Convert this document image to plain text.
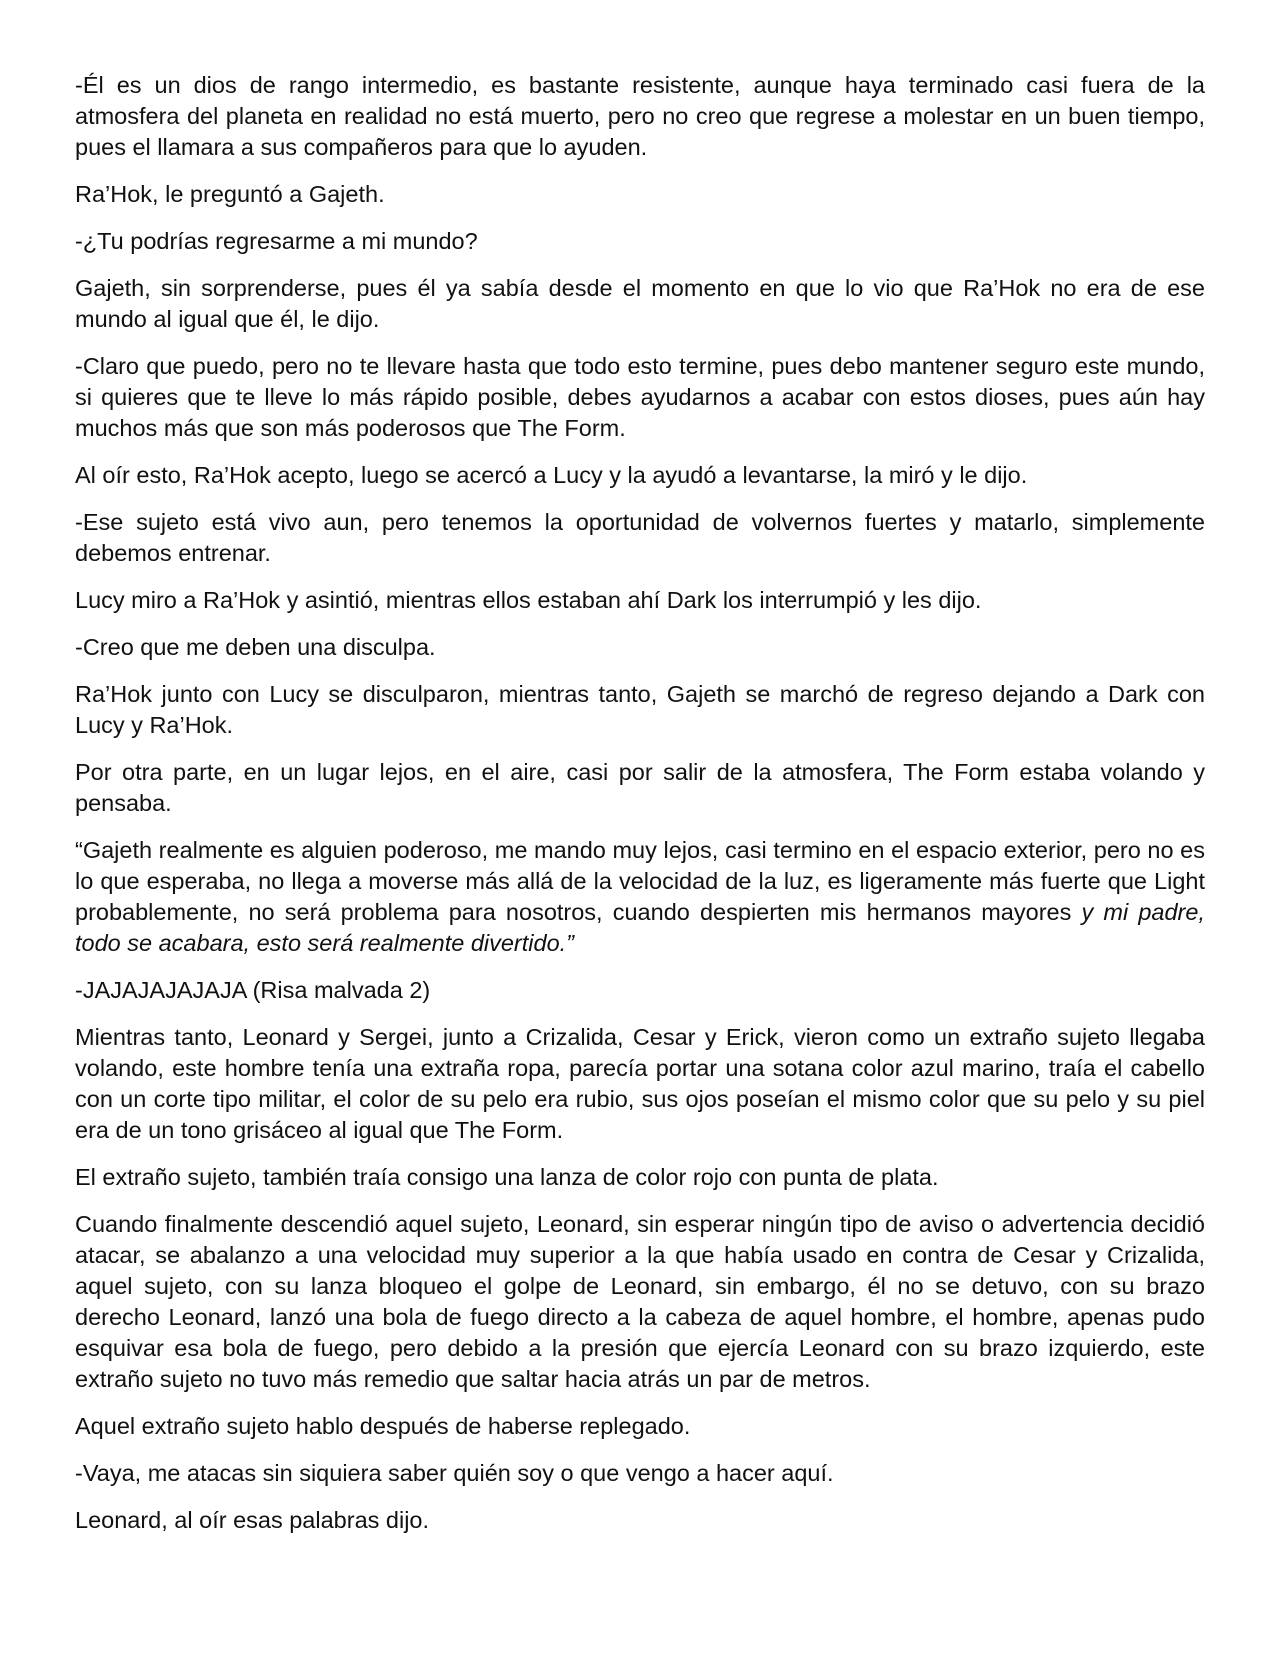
-Él es un dios de rango intermedio, es bastante resistente, aunque haya terminado casi fuera de la atmosfera del planeta en realidad no está muerto, pero no creo que regrese a molestar en un buen tiempo, pues el llamara a sus compañeros para que lo ayuden.

Ra’Hok, le preguntó a Gajeth.

-¿Tu podrías regresarme a mi mundo?

Gajeth, sin sorprenderse, pues él ya sabía desde el momento en que lo vio que Ra’Hok no era de ese mundo al igual que él, le dijo.

-Claro que puedo, pero no te llevare hasta que todo esto termine, pues debo mantener seguro este mundo, si quieres que te lleve lo más rápido posible, debes ayudarnos a acabar con estos dioses, pues aún hay muchos más que son más poderosos que The Form.

Al oír esto, Ra’Hok acepto, luego se acercó a Lucy y la ayudó a levantarse, la miró y le dijo.

-Ese sujeto está vivo aun, pero tenemos la oportunidad de volvernos fuertes y matarlo, simplemente debemos entrenar.

Lucy miro a Ra’Hok y asintió, mientras ellos estaban ahí Dark los interrumpió y les dijo.

-Creo que me deben una disculpa.

Ra’Hok junto con Lucy se disculparon, mientras tanto, Gajeth se marchó de regreso dejando a Dark con Lucy y Ra’Hok.

Por otra parte, en un lugar lejos, en el aire, casi por salir de la atmosfera, The Form estaba volando y pensaba.

“Gajeth realmente es alguien poderoso, me mando muy lejos, casi termino en el espacio exterior, pero no es lo que esperaba, no llega a moverse más allá de la velocidad de la luz, es ligeramente más fuerte que Light probablemente, no será problema para nosotros, cuando despierten mis hermanos mayores y mi padre, todo se acabara, esto será realmente divertido.”

-JAJAJAJAJAJA (Risa malvada 2)

Mientras tanto, Leonard y Sergei, junto a Crizalida, Cesar y Erick, vieron como un extraño sujeto llegaba volando, este hombre tenía una extraña ropa, parecía portar una sotana color azul marino, traía el cabello con un corte tipo militar, el color de su pelo era rubio, sus ojos poseían el mismo color que su pelo y su piel era de un tono grisáceo al igual que The Form.

El extraño sujeto, también traía consigo una lanza de color rojo con punta de plata.

Cuando finalmente descendió aquel sujeto, Leonard, sin esperar ningún tipo de aviso o advertencia decidió atacar, se abalanzo a una velocidad muy superior a la que había usado en contra de Cesar y Crizalida, aquel sujeto, con su lanza bloqueo el golpe de Leonard, sin embargo, él no se detuvo, con su brazo derecho Leonard, lanzó una bola de fuego directo a la cabeza de aquel hombre, el hombre, apenas pudo esquivar esa bola de fuego, pero debido a la presión que ejercía Leonard con su brazo izquierdo, este extraño sujeto no tuvo más remedio que saltar hacia atrás un par de metros.

Aquel extraño sujeto hablo después de haberse replegado.

-Vaya, me atacas sin siquiera saber quién soy o que vengo a hacer aquí.

Leonard, al oír esas palabras dijo.
